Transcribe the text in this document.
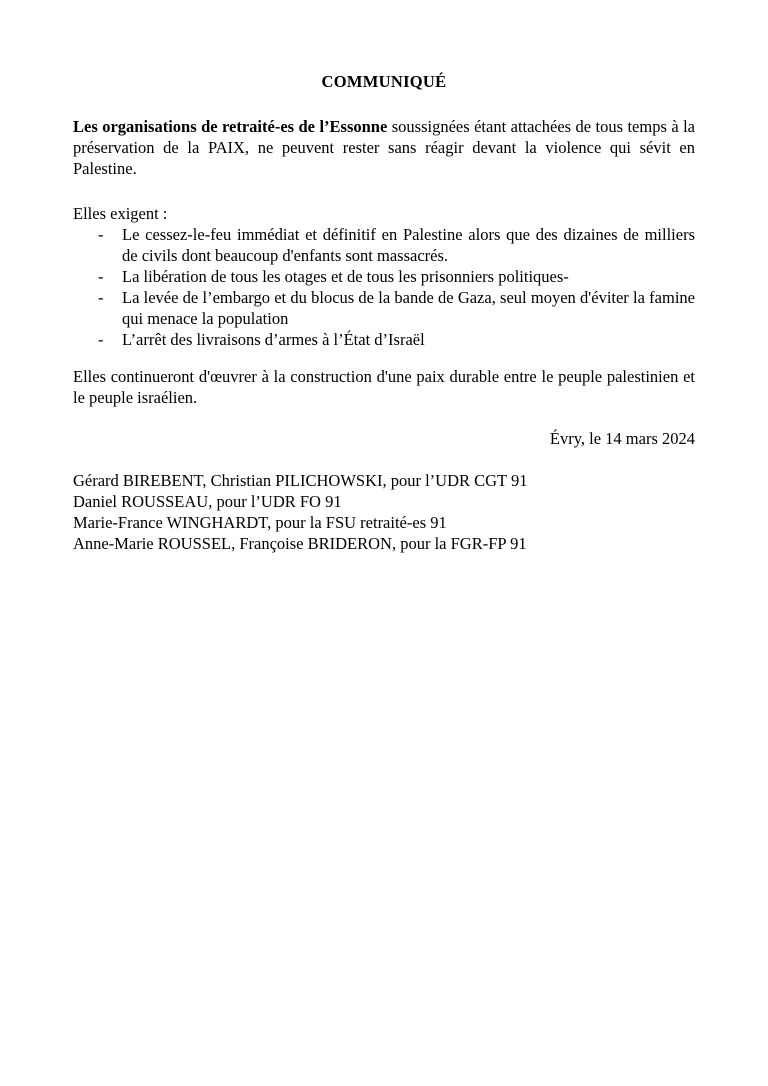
COMMUNIQUÉ

Les organisations de retraité-es de l’Essonne soussignées étant attachées de tous temps à la préservation de la PAIX, ne peuvent rester sans réagir devant la violence qui sévit en Palestine.

Elles exigent :

- Le cessez-le-feu immédiat et définitif en Palestine alors que des dizaines de milliers de civils dont beaucoup d'enfants sont massacrés.
- La libération de tous les otages et de tous les prisonniers politiques-
- La levée de l’embargo et du blocus de la bande de Gaza, seul moyen d'éviter la famine qui menace la population
- L’arrêt des livraisons d’armes à l’État d’Israël

Elles continueront d'œuvrer à la construction d'une paix durable entre le peuple palestinien et le peuple israélien.

Évry, le 14 mars 2024

Gérard BIREBENT, Christian PILICHOWSKI, pour l’UDR CGT 91

Daniel ROUSSEAU, pour l’UDR FO 91

Marie-France WINGHARDT, pour la FSU retraité-es 91

Anne-Marie ROUSSEL, Françoise BRIDERON, pour la FGR-FP 91
